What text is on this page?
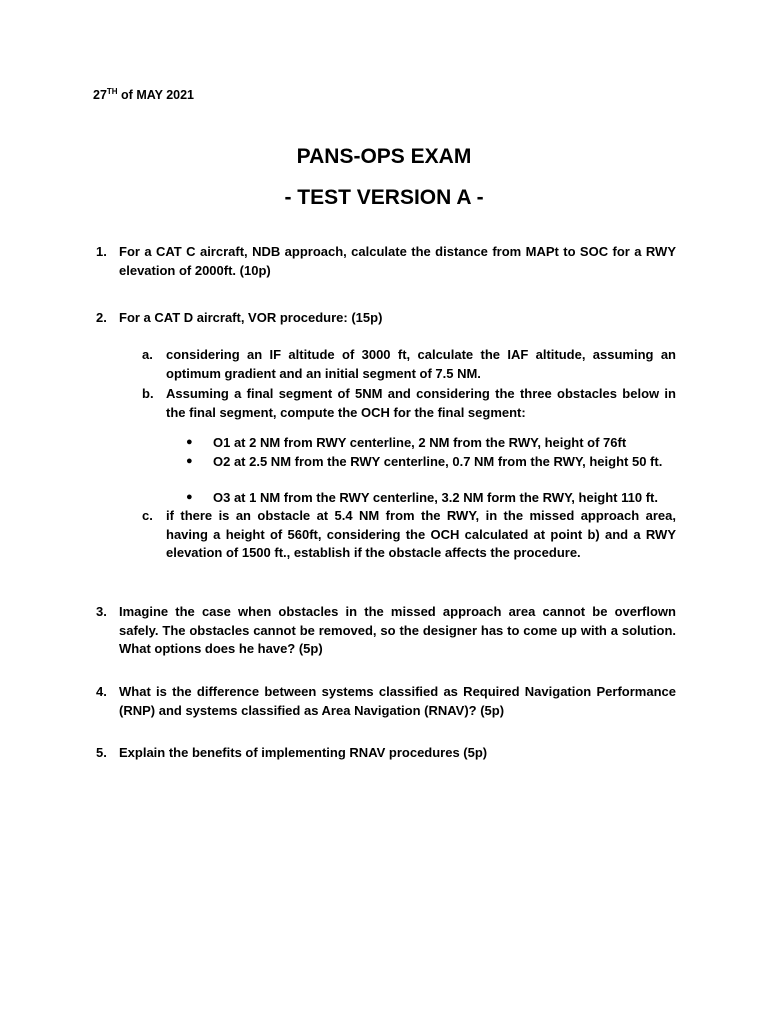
27TH of MAY 2021
PANS-OPS EXAM
- TEST VERSION A -
1. For a CAT C aircraft, NDB approach, calculate the distance from MAPt to SOC for a RWY elevation of 2000ft. (10p)
2. For a CAT D aircraft, VOR procedure: (15p)
a. considering an IF altitude of 3000 ft, calculate the IAF altitude, assuming an optimum gradient and an initial segment of 7.5 NM.
b. Assuming a final segment of 5NM and considering the three obstacles below in the final segment, compute the OCH for the final segment:
● O1 at 2 NM from RWY centerline, 2 NM from the RWY, height of 76ft
● O2 at 2.5 NM from the RWY centerline, 0.7 NM from the RWY, height 50 ft.
● O3 at 1 NM from the RWY centerline, 3.2 NM form the RWY, height 110 ft.
c. if there is an obstacle at 5.4 NM from the RWY, in the missed approach area, having a height of 560ft, considering the OCH calculated at point b) and a RWY elevation of 1500 ft., establish if the obstacle affects the procedure.
3. Imagine the case when obstacles in the missed approach area cannot be overflown safely. The obstacles cannot be removed, so the designer has to come up with a solution. What options does he have? (5p)
4. What is the difference between systems classified as Required Navigation Performance (RNP) and systems classified as Area Navigation (RNAV)? (5p)
5. Explain the benefits of implementing RNAV procedures (5p)
